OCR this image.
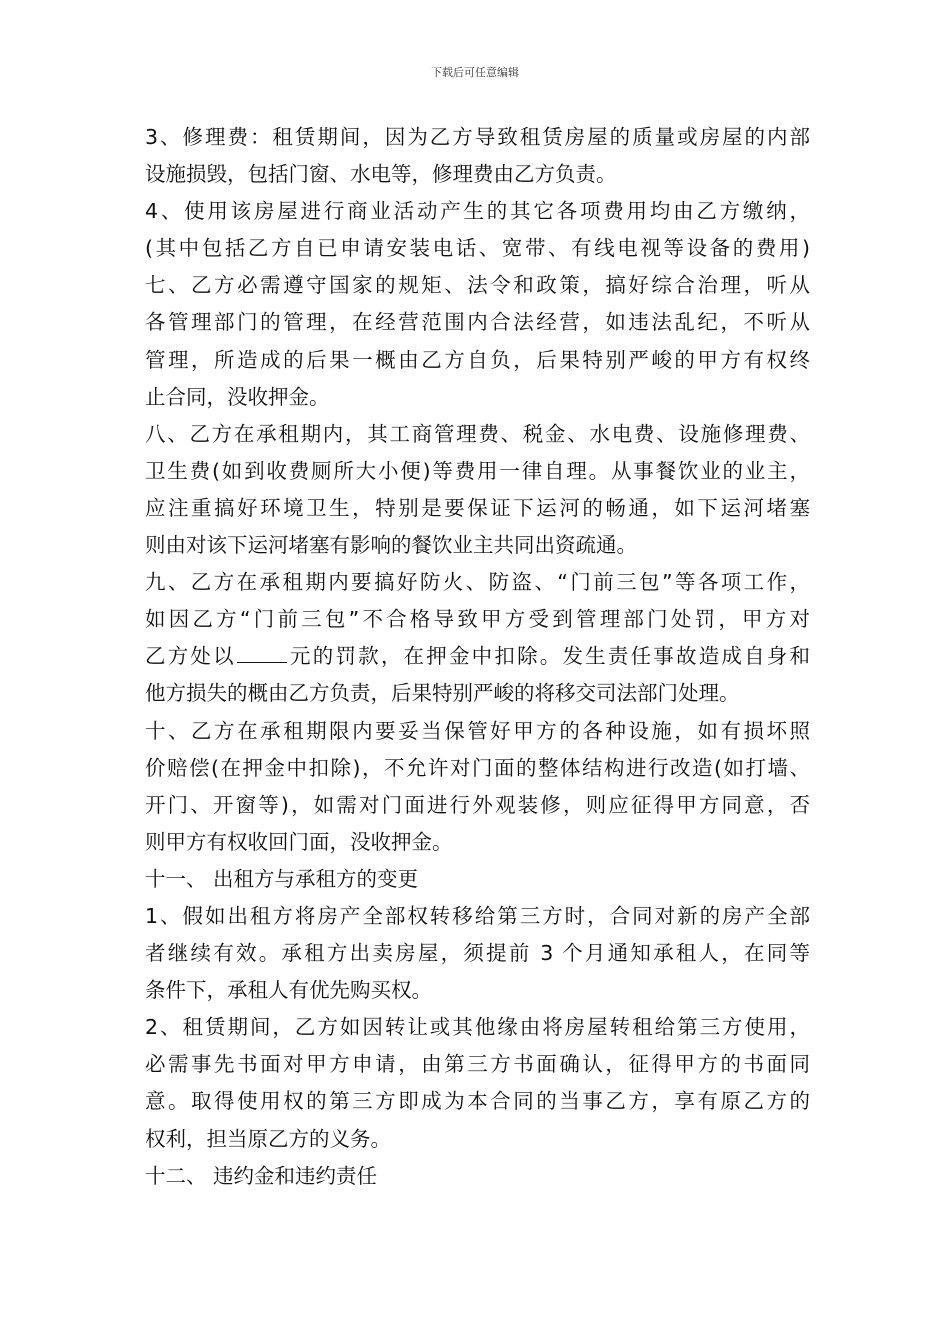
下载后可任意编辑
3、修理费：租赁期间，因为乙方导致租赁房屋的质量或房屋的内部
设施损毁，包括门窗、水电等，修理费由乙方负责。
4、使用该房屋进行商业活动产生的其它各项费用均由乙方缴纳，
(其中包括乙方自已申请安装电话、宽带、有线电视等设备的费用)
七、乙方必需遵守国家的规矩、法令和政策，搞好综合治理，听从
各管理部门的管理，在经营范围内合法经营，如违法乱纪，不听从
管理，所造成的后果一概由乙方自负，后果特别严峻的甲方有权终
止合同，没收押金。
八、乙方在承租期内，其工商管理费、税金、水电费、设施修理费、
卫生费(如到收费厕所大小便)等费用一律自理。从事餐饮业的业主，
应注重搞好环境卫生，特别是要保证下运河的畅通，如下运河堵塞
则由对该下运河堵塞有影响的餐饮业主共同出资疏通。
九、乙方在承租期内要搞好防火、防盗、“门前三包”等各项工作，
如因乙方“门前三包”不合格导致甲方受到管理部门处罚，甲方对
乙方处以	元的罚款，在押金中扣除。发生责任事故造成自身和
他方损失的概由乙方负责，后果特别严峻的将移交司法部门处理。
十、乙方在承租期限内要妥当保管好甲方的各种设施，如有损坏照
价赔偿(在押金中扣除)，不允许对门面的整体结构进行改造(如打墙、
开门、开窗等)，如需对门面进行外观装修，则应征得甲方同意，否
则甲方有权收回门面，没收押金。
十一、 出租方与承租方的变更
1、假如出租方将房产全部权转移给第三方时，合同对新的房产全部
者继续有效。承租方出卖房屋，须提前 3 个月通知承租人，在同等
条件下，承租人有优先购买权。
2、租赁期间，乙方如因转让或其他缘由将房屋转租给第三方使用，
必需事先书面对甲方申请，由第三方书面确认，征得甲方的书面同
意。取得使用权的第三方即成为本合同的当事乙方，享有原乙方的
权利，担当原乙方的义务。
十二、 违约金和违约责任
